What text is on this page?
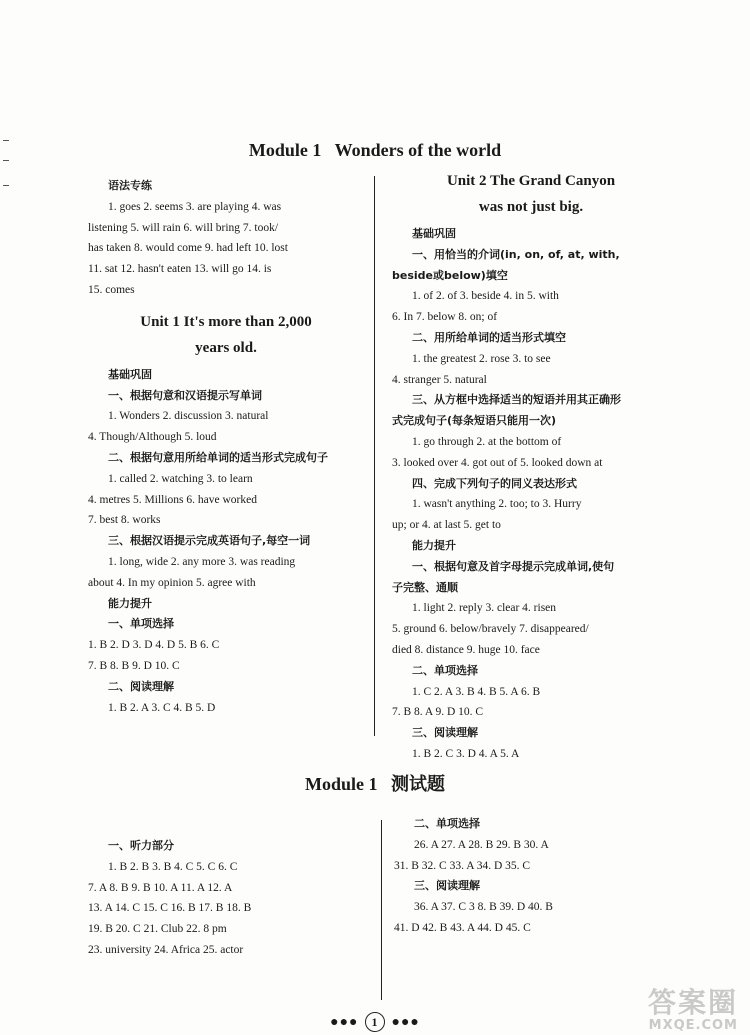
Module 1   Wonders of the world

语法专练

1. goes 2. seems 3. are playing 4. was

listening 5. will rain 6. will bring 7. took/

has taken 8. would come 9. had left 10. lost

11. sat 12. hasn't eaten 13. will go 14. is

15. comes

Unit 1 It's more than 2,000

years old.

基础巩固

一、根据句意和汉语提示写单词

1. Wonders 2. discussion 3. natural

4. Though/Although 5. loud

二、根据句意用所给单词的适当形式完成句子

1. called 2. watching 3. to learn

4. metres 5. Millions 6. have worked

7. best 8. works

三、根据汉语提示完成英语句子,每空一词

1. long, wide 2. any more 3. was reading

about 4. In my opinion 5. agree with

能力提升

一、单项选择

1. B 2. D 3. D 4. D 5. B 6. C

7. B 8. B 9. D 10. C

二、阅读理解

1. B 2. A 3. C 4. B 5. D

Unit 2 The Grand Canyon

was not just big.

基础巩固

一、用恰当的介词(in, on, of, at, with,

beside或below)填空

1. of 2. of 3. beside 4. in 5. with

6. In 7. below 8. on; of

二、用所给单词的适当形式填空

1. the greatest 2. rose 3. to see

4. stranger 5. natural

三、从方框中选择适当的短语并用其正确形

式完成句子(每条短语只能用一次)

1. go through 2. at the bottom of

3. looked over 4. got out of 5. looked down at

四、完成下列句子的同义表达形式

1. wasn't anything 2. too; to 3. Hurry

up; or 4. at last 5. get to

能力提升

一、根据句意及首字母提示完成单词,使句

子完整、通顺

1. light 2. reply 3. clear 4. risen

5. ground 6. below/bravely 7. disappeared/

died 8. distance 9. huge 10. face

二、单项选择

1. C 2. A 3. B 4. B 5. A 6. B

7. B 8. A 9. D 10. C

三、阅读理解

1. B 2. C 3. D 4. A 5. A

Module 1   测试题

一、听力部分

1. B 2. B 3. B 4. C 5. C 6. C

7. A 8. B 9. B 10. A 11. A 12. A

13. A 14. C 15. C 16. B 17. B 18. B

19. B 20. C 21. Club 22. 8 pm

23. university 24. Africa 25. actor

二、单项选择

26. A 27. A 28. B 29. B 30. A

31. B 32. C 33. A 34. D 35. C

三、阅读理解

36. A 37. C 3 8. B 39. D 40. B

41. D 42. B 43. A 44. D 45. C

●●● 1 ●●●
答案圈
MXQE.COM
